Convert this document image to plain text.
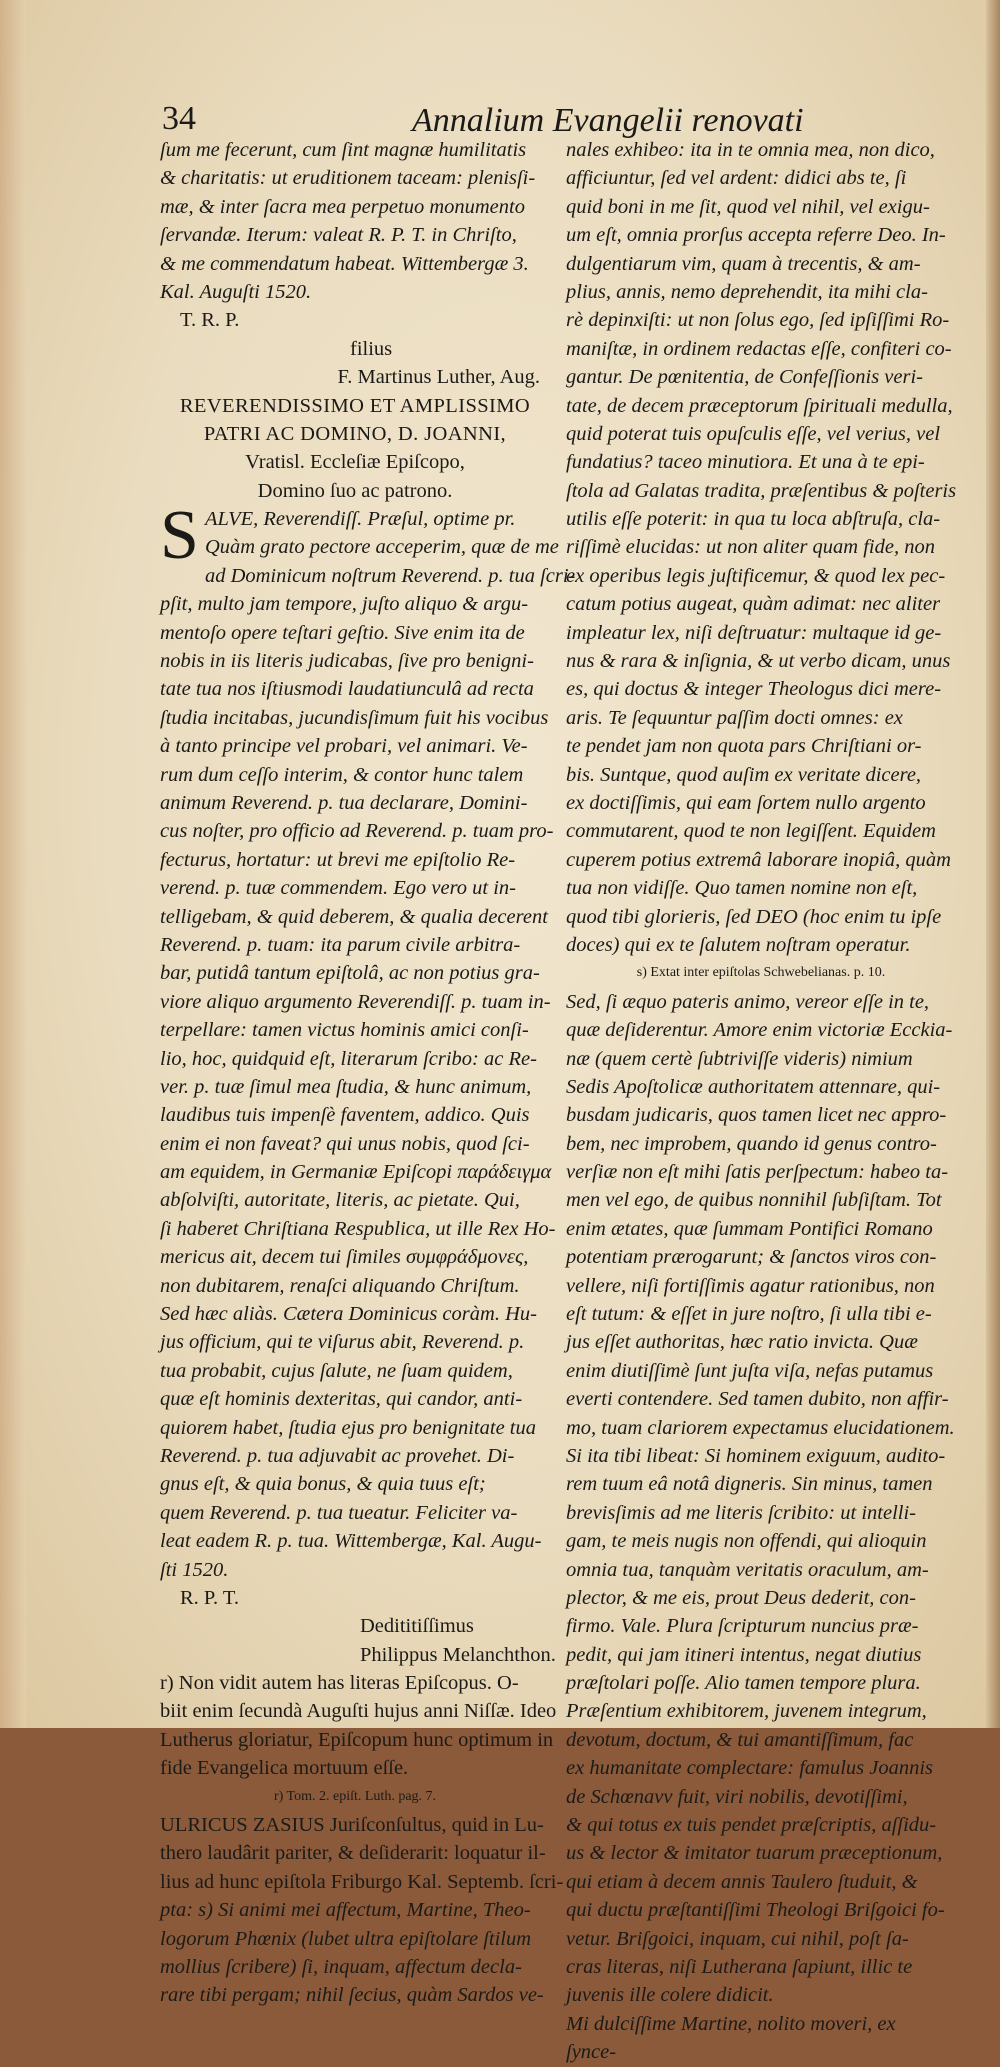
34	Annalium Evangelii renovati
ſum me fecerunt, cum ſint magnæ humilitatis
& charitatis: ut eruditionem taceam: plenisſi-
mæ, & inter ſacra mea perpetuo monumento
ſervandæ. Iterum: valeat R. P. T. in Chriſto,
& me commendatum habeat. Wittembergæ 3.
Kal. Auguſti 1520.
T. R. P.
filius
F. Martinus Luther, Aug.
REVERENDISSIMO ET AMPLISSIMO
PATRI AC DOMINO, D. JOANNI,
Vratisl. Eccleſiæ Epiſcopo,
Domino ſuo ac patrono.
S ALVE, Reverendiſſ. Præſul, optime pr.
Quàm grato pectore acceperim, quæ de me
ad Dominicum noſtrum Reverend. p. tua ſcri-
pſit, multo jam tempore, juſto aliquo & argu-
mentoſo opere teſtari geſtio. Sive enim ita de
nobis in iis literis judicabas, ſive pro benigni-
tate tua nos iſtiusmodi laudatiunculâ ad recta
ſtudia incitabas, jucundisſimum fuit his vocibus
à tanto principe vel probari, vel animari. Ve-
rum dum ceſſo interim, & contor hunc talem
animum Reverend. p. tua declarare, Domini-
cus noſter, pro officio ad Reverend. p. tuam pro-
fecturus, hortatur: ut brevi me epiſtolio Re-
verend. p. tuæ commendem. Ego vero ut in-
telligebam, & quid deberem, & qualia decerent
Reverend. p. tuam: ita parum civile arbitra-
bar, putidâ tantum epiſtolâ, ac non potius gra-
viore aliquo argumento Reverendiſſ. p. tuam in-
terpellare: tamen victus hominis amici conſi-
lio, hoc, quidquid eſt, literarum ſcribo: ac Re-
ver. p. tuæ ſimul mea ſtudia, & hunc animum,
laudibus tuis impenſè faventem, addico. Quis
enim ei non faveat? qui unus nobis, quod ſci-
am equidem, in Germaniæ Epiſcopi παράδειγμα
abſolviſti, autoritate, literis, ac pietate. Qui,
ſi haberet Chriſtiana Respublica, ut ille Rex Ho-
mericus ait, decem tui ſimiles συμφράδμονες,
non dubitarem, renaſci aliquando Chriſtum.
Sed hæc aliàs. Cætera Dominicus coràm. Hu-
jus officium, qui te viſurus abit, Reverend. p.
tua probabit, cujus ſalute, ne ſuam quidem,
quæ eſt hominis dexteritas, qui candor, anti-
quiorem habet, ſtudia ejus pro benignitate tua
Reverend. p. tua adjuvabit ac provehet. Di-
gnus eſt, & quia bonus, & quia tuus eſt;
quem Reverend. p. tua tueatur. Feliciter va-
leat eadem R. p. tua. Wittembergæ, Kal. Augu-
ſti 1520.
R. P. T.
Dedititiſſimus
Philippus Melanchthon.
r) Non vidit autem has literas Epiſcopus. O-
biit enim ſecundà Auguſti hujus anni Niſſæ. Ideo
Lutherus gloriatur, Epiſcopum hunc optimum in
fide Evangelica mortuum eſſe.
r) Tom. 2. epiſt. Luth. pag. 7.
ULRICUS ZASIUS Juriſconſultus, quid in Lu-
thero laudârit pariter, & deſiderarit: loquatur il-
lius ad hunc epiſtola Friburgo Kal. Septemb. ſcri-
pta: s) Si animi mei affectum, Martine, Theo-
logorum Phœnix (lubet ultra epiſtolare ſtilum
mollius ſcribere) ſi, inquam, affectum decla-
rare tibi pergam; nihil ſecius, quàm Sardos ve-
nales exhibeo: ita in te omnia mea, non dico,
afficiuntur, ſed vel ardent: didici abs te, ſi
quid boni in me ſit, quod vel nihil, vel exigu-
um eſt, omnia prorſus accepta referre Deo. In-
dulgentiarum vim, quam à trecentis, & am-
plius, annis, nemo deprehendit, ita mihi cla-
rè depinxiſti: ut non ſolus ego, ſed ipſiſſimi Ro-
maniſtæ, in ordinem redactas eſſe, confiteri co-
gantur. De pœnitentia, de Confeſſionis veri-
tate, de decem præceptorum ſpirituali medulla,
quid poterat tuis opuſculis eſſe, vel verius, vel
fundatius? taceo minutiora. Et una à te epi-
ſtola ad Galatas tradita, præſentibus & poſteris
utilis eſſe poterit: in qua tu loca abſtruſa, cla-
riſſimè elucidas: ut non aliter quam fide, non
ex operibus legis juſtificemur, & quod lex pec-
catum potius augeat, quàm adimat: nec aliter
impleatur lex, niſi deſtruatur: multaque id ge-
nus & rara & inſignia, & ut verbo dicam, unus
es, qui doctus & integer Theologus dici mere-
aris. Te ſequuntur paſſim docti omnes: ex
te pendet jam non quota pars Chriſtiani or-
bis. Suntque, quod auſim ex veritate dicere,
ex doctiſſimis, qui eam ſortem nullo argento
commutarent, quod te non legiſſent. Equidem
cuperem potius extremâ laborare inopiâ, quàm
tua non vidiſſe. Quo tamen nomine non eſt,
quod tibi glorieris, ſed DEO (hoc enim tu ipſe
doces) qui ex te ſalutem noſtram operatur.
s) Extat inter epiſtolas Schwebelianas. p. 10.
Sed, ſi æquo pateris animo, vereor eſſe in te,
quæ deſiderentur. Amore enim victoriæ Ecckia-
næ (quem certè ſubtriviſſe videris) nimium
Sedis Apoſtolicæ authoritatem attennare, qui-
busdam judicaris, quos tamen licet nec appro-
bem, nec improbem, quando id genus contro-
verſiæ non eſt mihi ſatis perſpectum: habeo ta-
men vel ego, de quibus nonnihil ſubſiſtam. Tot
enim ætates, quæ ſummam Pontifici Romano
potentiam prærogarunt; & ſanctos viros con-
vellere, niſi fortiſſimis agatur rationibus, non
eſt tutum: & eſſet in jure noſtro, ſi ulla tibi e-
jus eſſet authoritas, hæc ratio invicta. Quæ
enim diutiſſimè ſunt juſta viſa, nefas putamus
everti contendere. Sed tamen dubito, non affir-
mo, tuam clariorem expectamus elucidationem.
Si ita tibi libeat: Si hominem exiguum, audito-
rem tuum eâ notâ digneris. Sin minus, tamen
brevisſimis ad me literis ſcribito: ut intelli-
gam, te meis nugis non offendi, qui alioquin
omnia tua, tanquàm veritatis oraculum, am-
plector, & me eis, prout Deus dederit, con-
firmo. Vale. Plura ſcripturum nuncius præ-
pedit, qui jam itineri intentus, negat diutius
præſtolari poſſe. Alio tamen tempore plura.
Præſentium exhibitorem, juvenem integrum,
devotum, doctum, & tui amantiſſimum, fac
ex humanitate complectare: famulus Joannis
de Schœnavv fuit, viri nobilis, devotiſſimi,
& qui totus ex tuis pendet præſcriptis, aſſidu-
us & lector & imitator tuarum præceptionum,
qui etiam à decem annis Taulero ſtuduit, &
qui ductu præſtantiſſimi Theologi Briſgoici fo-
vetur. Briſgoici, inquam, cui nihil, poſt ſa-
cras literas, niſi Lutherana ſapiunt, illic te
juvenis ille colere didicit.
Mi dulciſſime Martine, nolito moveri, ex
ſynce-
